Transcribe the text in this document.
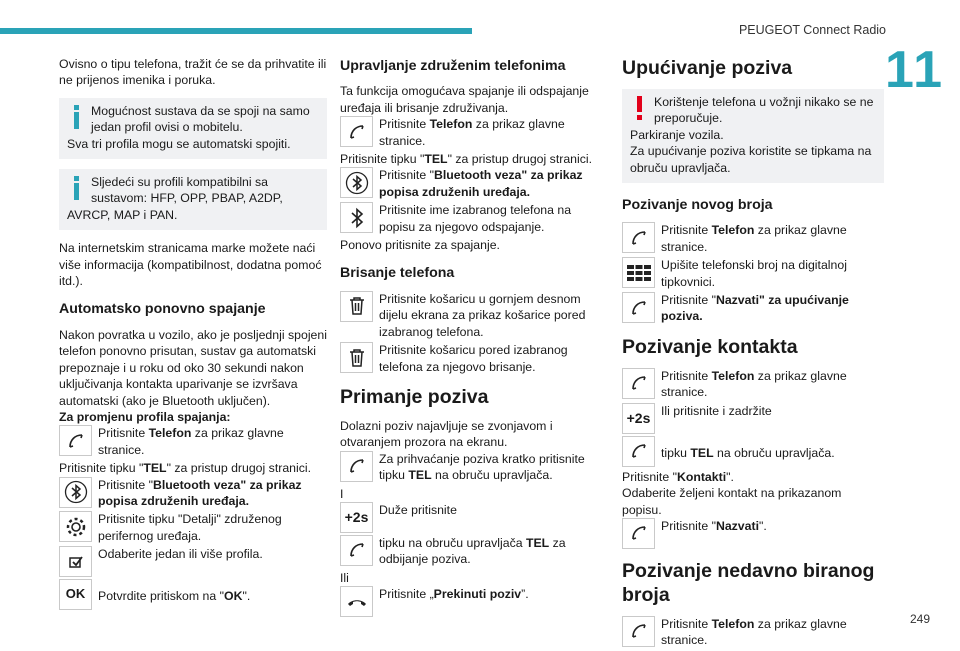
PEUGEOT Connect Radio
11

Ovisno o tipu telefona, tražit će se da prihvatite ili ne prijenos imenika i poruka.

Mogućnost sustava da se spoji na samo jedan profil ovisi o mobitelu.
Sva tri profila mogu se automatski spojiti.
Sljedeći su profili kompatibilni sa sustavom: HFP, OPP, PBAP, A2DP,
AVRCP, MAP i PAN.

Na internetskim stranicama marke možete naći više informacija (kompatibilnost, dodatna pomoć itd.).

Automatsko ponovno spajanje

Nakon povratka u vozilo, ako je posljednji spojeni telefon ponovno prisutan, sustav ga automatski prepoznaje i u roku od oko 30 sekundi nakon uključivanja kontakta uparivanje se izvršava automatski (ako je Bluetooth uključen).

Za promjenu profila spajanja:
Pritisnite Telefon za prikaz glavne stranice.
Pritisnite tipku "TEL" za pristup drugoj stranici.
Pritisnite "Bluetooth veza" za prikaz popisa združenih uređaja.
Pritisnite tipku "Detalji" združenog perifernog uređaja.
Odaberite jedan ili više profila.
OK Potvrdite pritiskom na "OK".
Upravljanje združenim telefonima
Ta funkcija omogućava spajanje ili odspajanje uređaja ili brisanje združivanja.
Pritisnite Telefon za prikaz glavne stranice.
Pritisnite tipku "TEL" za pristup drugoj stranici.
Pritisnite "Bluetooth veza" za prikaz popisa združenih uređaja.
Pritisnite ime izabranog telefona na popisu za njegovo odspajanje.
Ponovo pritisnite za spajanje.
Brisanje telefona
Pritisnite košaricu u gornjem desnom dijelu ekrana za prikaz košarice pored izabranog telefona.
Pritisnite košaricu pored izabranog telefona za njegovo brisanje.
Primanje poziva
Dolazni poziv najavljuje se zvonjavom i otvaranjem prozora na ekranu.
Za prihvaćanje poziva kratko pritisnite tipku TEL na obruču upravljača.
I
+2s Duže pritisnite
tipku na obruču upravljača TEL za odbijanje poziva.
Ili
Pritisnite „Prekinuti poziv”.
Upućivanje poziva
Korištenje telefona u vožnji nikako se ne preporučuje.
Parkiranje vozila.
Za upućivanje poziva koristite se tipkama na obruču upravljača.
Pozivanje novog broja
Pritisnite Telefon za prikaz glavne stranice.
Upišite telefonski broj na digitalnoj tipkovnici.
Pritisnite "Nazvati" za upućivanje poziva.
Pozivanje kontakta
Pritisnite Telefon za prikaz glavne stranice.
+2s Ili pritisnite i zadržite
tipku TEL na obruču upravljača.
Pritisnite "Kontakti".
Odaberite željeni kontakt na prikazanom popisu.
Pritisnite "Nazvati".
Pozivanje nedavno biranog broja
Pritisnite Telefon za prikaz glavne stranice.
249
